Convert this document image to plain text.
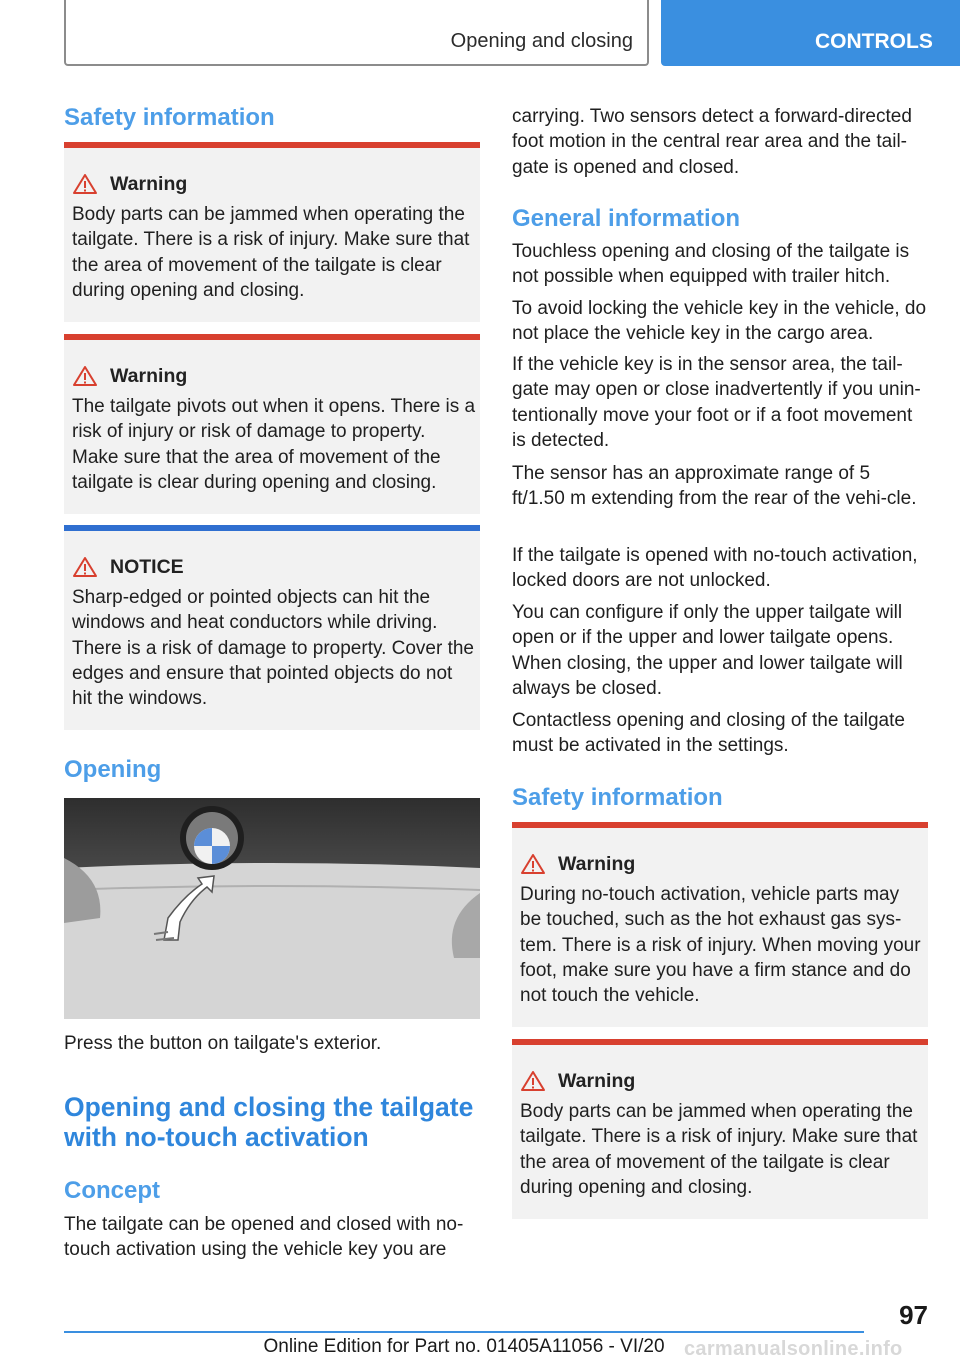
Opening and closing	CONTROLS
Safety information
Warning
Body parts can be jammed when operating the tailgate. There is a risk of injury. Make sure that the area of movement of the tailgate is clear during opening and closing.
Warning
The tailgate pivots out when it opens. There is a risk of injury or risk of damage to property. Make sure that the area of movement of the tailgate is clear during opening and closing.
NOTICE
Sharp-edged or pointed objects can hit the windows and heat conductors while driving. There is a risk of damage to property. Cover the edges and ensure that pointed objects do not hit the windows.
Opening

Press the button on tailgate's exterior.

Opening and closing the tailgate with no-touch activation
Concept

The tailgate can be opened and closed with no-touch activation using the vehicle key you are

carrying. Two sensors detect a forward-directed foot motion in the central rear area and the tail-gate is opened and closed.

General information

Touchless opening and closing of the tailgate is not possible when equipped with trailer hitch.

To avoid locking the vehicle key in the vehicle, do not place the vehicle key in the cargo area.

If the vehicle key is in the sensor area, the tail-gate may open or close inadvertently if you unin-tentionally move your foot or if a foot movement is detected.

The sensor has an approximate range of 5 ft/1.50 m extending from the rear of the vehi-cle.

If the tailgate is opened with no-touch activation, locked doors are not unlocked.

You can configure if only the upper tailgate will open or if the upper and lower tailgate opens. When closing, the upper and lower tailgate will always be closed.

Contactless opening and closing of the tailgate must be activated in the settings.

Safety information
Warning
During no-touch activation, vehicle parts may be touched, such as the hot exhaust gas sys-tem. There is a risk of injury. When moving your foot, make sure you have a firm stance and do not touch the vehicle.
Warning
Body parts can be jammed when operating the tailgate. There is a risk of injury. Make sure that the area of movement of the tailgate is clear during opening and closing.
97
Online Edition for Part no. 01405A11056 - VI/20 carmanualsonline.info
